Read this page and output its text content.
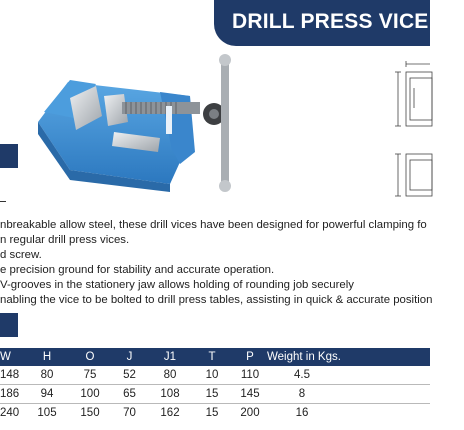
DRILL PRESS VICE DE
nbreakable allow steel, these drill vices have been designed for powerful clamping fo
n regular drill press vices.
d screw.
e precision ground for stability and accurate operation.
V-grooves in the stationery jaw allows holding of rounding job securely
nabling the vice to be bolted to drill press tables, assisting in quick & accurate position
W	H	O	J	J1	T	P	Weight in Kgs.
148	80	75	52	80	10	110	4.5
186	94	100	65	108	15	145	8
240	105	150	70	162	15	200	16
